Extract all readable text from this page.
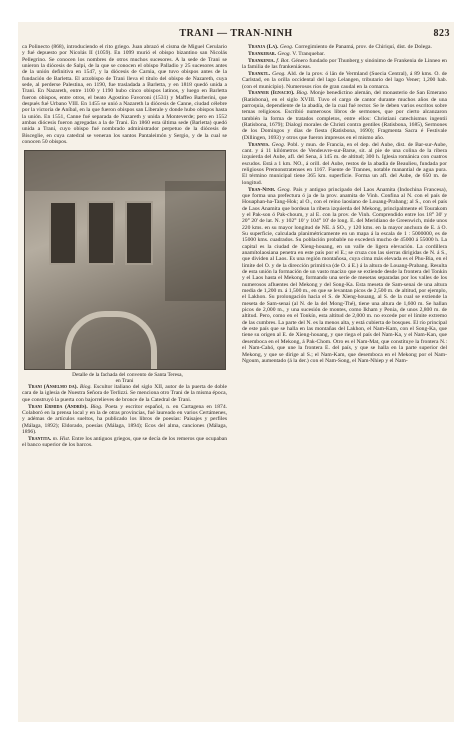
TRANI — TRAN-NINH	823

ca Polinecto (868), introduciendo el rito griego. Juan abrazó el cisma de Miguel Cerulario y fué depuesto por Nicolás II (1059). En 1099 murió el obispo bizantino san Nicolás Pellegrino. Se conocen los nombres de otros muchos sucesores. A la sede de Trani se unieron la diócesis de Salpi, de la que se conocen el obispo Palladio y 25 sucesores antes de la unión definitiva en 1547, y la diócesis de Carnia, que tuvo obispos antes de la fundación de Barletta. El arzobispo de Trani lleva el título del obispo de Nazareth, cuya sede, al perderse Palestina, en 1190, fue trasladada a Barletta, y en 1818 quedó unida a Trani. En Nazareth, entre 1100 y 1190 hubo cinco obispos latinos, y luego en Barletta fueron obispos, entre otros, el beato Agostino Favoroni (1531) y Maffeo Barberini, que después fué Urbano VIII. En 1455 se unió a Nazareth la diócesis de Canne, ciudad célebre por la victoria de Aníbal, en la que fueron obispos san Liberale y donde hubo obispos hasta la unión. En 1551, Canne fué separada de Nazareth y unida a Monteverde; pero en 1552 ambas diócesis fueron agregadas a la de Trani. En 1860 esta última sede (Barletta) quedó unida a Trani, cuyo obispo fué nombrado administrador perpetuo de la diócesis de Bisceglie, en cuya catedral se veneran los santos Pantaleimón y Sergio, y de la cual se conocen 50 obispos.

Detalle de la fachada del convento de Santa Teresa,
en Trani

Trani (Anselmo da). Biog. Escultor italiano del siglo XII, autor de la puerta de doble cara de la iglesia de Nuestra Señora de Terlizzi. Se menciona otro Trani de la misma época, que construyó la puerta con bajorrelieves de bronce de la Catedral de Trani.

Trani Ermida (Andrés). Biog. Poeta y escritor español, n. en Cartagena en 1874. Colaboró en la prensa local y en la de otras provincias, fué laureado en varios Certámenes, y adémas de artículos sueltos, ha publicado los libros de poesías: Paisajes y perfiles (Málaga, 1892); Eldorado, poesías (Málaga, 1894); Ecos del alma, canciones (Málaga, 1896).

Trantita. m. Hist. Entre los antiguos griegos, que se decía de los remeros que ocupaban el banco superior de los barcos.

Tranja (La). Geog. Corregimiento de Panamá, prov. de Chiriquí, dist. de Dolega.

Trankebar. Geog. V. Tranquebar.

Trankenia. f. Bot. Género fundado por Thunberg y sinónimo de Frankenia de Linneo en la familia de las frankeniáceas.

Tranktl. Geog. Ald. de la prov. ó län de Vermland (Suecia Central), á 89 kms. O. de Carlstad, en la orilla occidental del lago Lelangen, tributario del lago Vener; 1,200 hab. (con el municipio). Numerosos ríos de gran caudal en la comarca.

Tranner (Ignacio). Biog. Monje benedictino alemán, del monasterio de San Emerano (Ratisbona), en el siglo XVIII. Tuvo el cargo de cantor durante muchos años de una parroquia, dependiente de la abadía, de la cual fué rector. Se le deben varios escritos sobre temas religiosos. Escribió numerosos libros de sermones, que por cierto alcanzaron también la forma de tratados completos, entre ellos: Christiani catechismus ingentii (Ratisbona, 1679); Dialogi morales de Christi contra gentiles (Ratisbona, 1685), Sermones de los Domingos y días de fiesta (Ratisbona, 1690); Fragmenta Sacra é Festivale (Dillingen, 1693) y otros que fueron impresos en el mismo año.

Trannes. Geog. Pobl. y mun. de Francia, en el dep. del Aube, dist. de Bar-sur-Aube, cant. y á 11 kilómetros de Vendeuvre-sur-Barse, sit. al pie de una colina de la ribera izquierda del Aube, afl. del Sena, á 145 m. de altitud; 300 h. Iglesia románica con cuatros escudos. Está a 1 km. NO., á orill. del Aube, restos de la abadía de Beaulieu, fundada por religiosos Premonstratenses en 1167. Fuente de Trannes, notable manantial de agua pura. El término municipal tiene 365 km. superficie. Forma un afl. del Aube, de 650 m. de longitud.

Tran-Ninh. Geog. País y antiguo principado del Laos Anamita (Indochina Francesa), que forma una prefectura ó ja de la prov. anamita de Vinh. Confina al N. con el país de Houaphan-ha-Tang-Hok; al O., con el reino laosiano de Louang-Prabang; al S., con el país de Laos Anamita que bordean la ribera izquierda del Mekong, principalmente el Tourakom y el Pak-son ó Pak-choum, y al E. con la prov. de Vinh. Comprendido entre los 18° 30' y 20° 20' de lat. N. y 102° 10' y 104° 10' de long. E. del Meridiano de Greenwich, mide unos 220 kms. en su mayor longitud de NE. á SO., y 120 kms. en la mayor anchura de E. á O. Su superficie, calculada planimétricamente en un mapa á la escala de 1 : 5000000, es de 15000 kms. cuadrados. Su población probable no excederá mucho de 45000 á 55000 h. La capital es la ciudad de Xieng-houang, en un valle de ligera elevación. La cordillera anamítolaosiana penetra en este país por el E.; se cruza con las sierras dirigidas de N. á S., que dividen al Laos. Es una región montañosa, cuya cima más elevada es el Phu-Bia, en el límite del O. y de la dirección primitiva (de O. á E.) á la altura de Louang-Prabang. Resulta de esta unión la formación de un vasto macizo que se extiende desde la frontera del Tonkín y el Laos hasta el Mekong, formando una serie de mesetas separadas por los valles de los numerosos afluentes del Mekong y del Song-Ka. Esta meseta de Sam-senai de una altura media de 1,200 m. á 1,500 m., en que se levantan picos de 2,500 m. de altitud, por ejemplo, el Lakhon. Su prolongación hacia el S. de Xieng-houang, al S. de la cual se extiende la meseta de Sam-senai (al N. de la del Mong-Thé), tiene una altura de 1,600 m. Se hallan picos de 2,000 m., y una sucesión de montes, como Ikham y Penia, de unos 2,800 m. de altitud. Pero, como en el Tonkín, esta altitud de 2,000 m. no excede por el límite extremo de las cumbres. La parte del N. es la menos alta, y está cubierta de bosques. El río principal de este país que se halla en las montañas del Lakhon, el Nam-Kam, con el Song-Ka, que tiene su origen al E. de Xieng-houang, y que riega el país del Nam-Ka, y el Nam-Kan, que desemboca en el Mekong, á Pak-Chom. Otro es el Nam-Mat, que constituye la frontera N.: el Nam-Cahó, que une la frontera E. del país, y que se halla en la parte superior del Mekong, y que se dirige al S.; el Nam-Kam, que desemboca en el Mekong por el Nam-Ngoum, aumentado (á la der.) con el Nam-Song, el Nam-Nhiep y el Nam-
